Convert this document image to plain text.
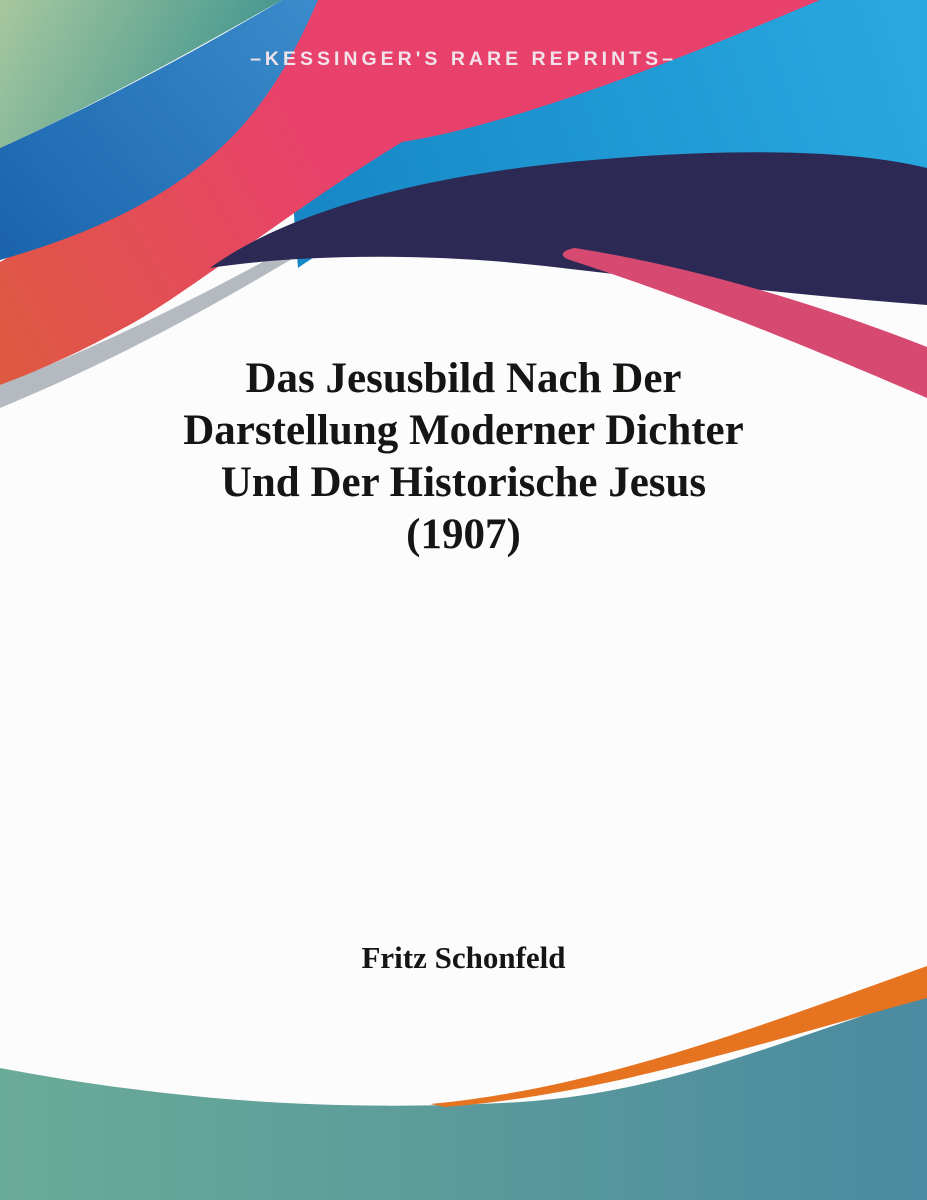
–KESSINGER'S RARE REPRINTS–
Das Jesusbild Nach Der
Darstellung Moderner Dichter
Und Der Historische Jesus
(1907)
Fritz Schonfeld
